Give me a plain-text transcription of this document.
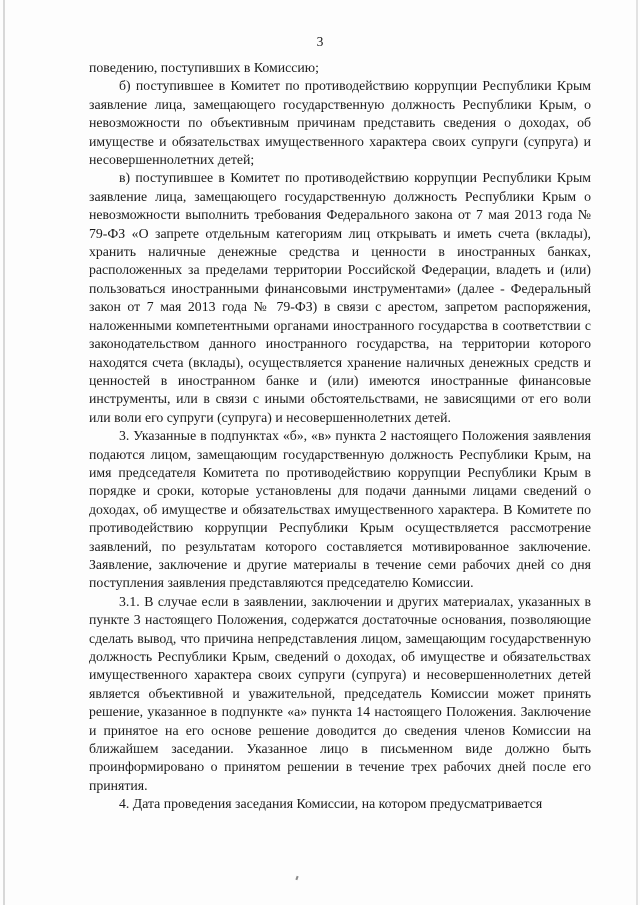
3

поведению, поступивших в Комиссию;

б) поступившее в Комитет по противодействию коррупции Республики Крым заявление лица, замещающего государственную должность Республики Крым, о невозможности по объективным причинам представить сведения о доходах, об имуществе и обязательствах имущественного характера своих супруги (супруга) и несовершеннолетних детей;

в) поступившее в Комитет по противодействию коррупции Республики Крым заявление лица, замещающего государственную должность Республики Крым о невозможности выполнить требования Федерального закона от 7 мая 2013 года № 79-ФЗ «О запрете отдельным категориям лиц открывать и иметь счета (вклады), хранить наличные денежные средства и ценности в иностранных банках, расположенных за пределами территории Российской Федерации, владеть и (или) пользоваться иностранными финансовыми инструментами» (далее - Федеральный закон от 7 мая 2013 года № 79-ФЗ) в связи с арестом, запретом распоряжения, наложенными компетентными органами иностранного государства в соответствии с законодательством данного иностранного государства, на территории которого находятся счета (вклады), осуществляется хранение наличных денежных средств и ценностей в иностранном банке и (или) имеются иностранные финансовые инструменты, или в связи с иными обстоятельствами, не зависящими от его воли или воли его супруги (супруга) и несовершеннолетних детей.

3. Указанные в подпунктах «б», «в» пункта 2 настоящего Положения заявления подаются лицом, замещающим государственную должность Республики Крым, на имя председателя Комитета по противодействию коррупции Республики Крым в порядке и сроки, которые установлены для подачи данными лицами сведений о доходах, об имуществе и обязательствах имущественного характера. В Комитете по противодействию коррупции Республики Крым осуществляется рассмотрение заявлений, по результатам которого составляется мотивированное заключение. Заявление, заключение и другие материалы в течение семи рабочих дней со дня поступления заявления представляются председателю Комиссии.

3.1. В случае если в заявлении, заключении и других материалах, указанных в пункте 3 настоящего Положения, содержатся достаточные основания, позволяющие сделать вывод, что причина непредставления лицом, замещающим государственную должность Республики Крым, сведений о доходах, об имуществе и обязательствах имущественного характера своих супруги (супруга) и несовершеннолетних детей является объективной и уважительной, председатель Комиссии может принять решение, указанное в подпункте «а» пункта 14 настоящего Положения. Заключение и принятое на его основе решение доводится до сведения членов Комиссии на ближайшем заседании. Указанное лицо в письменном виде должно быть проинформировано о принятом решении в течение трех рабочих дней после его принятия.

4. Дата проведения заседания Комиссии, на котором предусматривается
